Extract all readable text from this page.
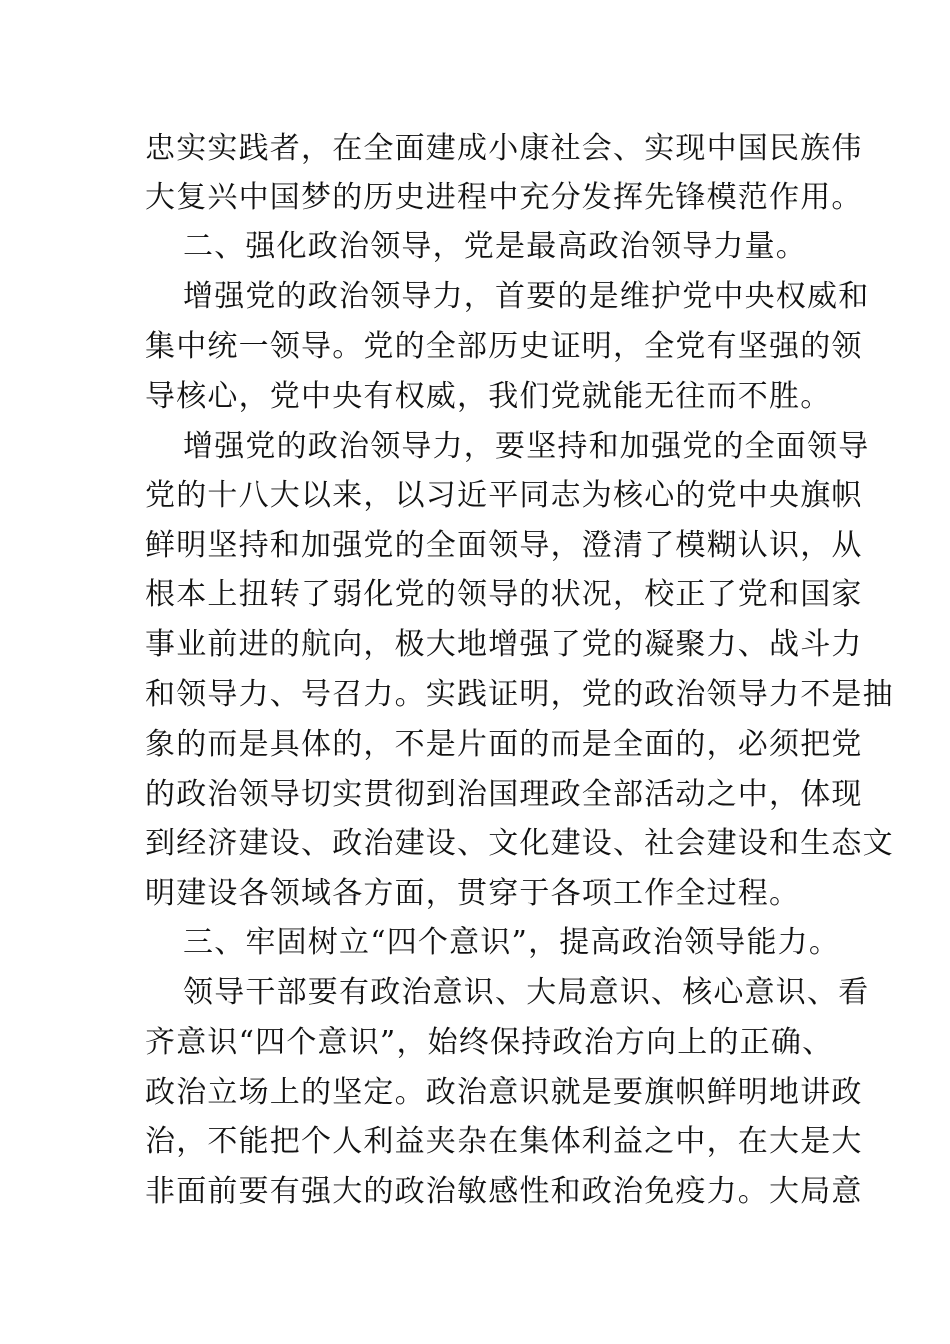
忠实实践者，在全面建成小康社会、实现中国民族伟
大复兴中国梦的历史进程中充分发挥先锋模范作用。
二、强化政治领导，党是最高政治领导力量。
增强党的政治领导力，首要的是维护党中央权威和
集中统一领导。党的全部历史证明，全党有坚强的领
导核心，党中央有权威，我们党就能无往而不胜。
增强党的政治领导力，要坚持和加强党的全面领导
党的十八大以来，以习近平同志为核心的党中央旗帜
鲜明坚持和加强党的全面领导，澄清了模糊认识，从
根本上扭转了弱化党的领导的状况，校正了党和国家
事业前进的航向，极大地增强了党的凝聚力、战斗力
和领导力、号召力。实践证明，党的政治领导力不是抽
象的而是具体的，不是片面的而是全面的，必须把党
的政治领导切实贯彻到治国理政全部活动之中，体现
到经济建设、政治建设、文化建设、社会建设和生态文
明建设各领域各方面，贯穿于各项工作全过程。
三、牢固树立“四个意识”，提高政治领导能力。
领导干部要有政治意识、大局意识、核心意识、看
齐意识“四个意识”，始终保持政治方向上的正确、
政治立场上的坚定。政治意识就是要旗帜鲜明地讲政
治，不能把个人利益夹杂在集体利益之中，在大是大
非面前要有强大的政治敏感性和政治免疫力。大局意
